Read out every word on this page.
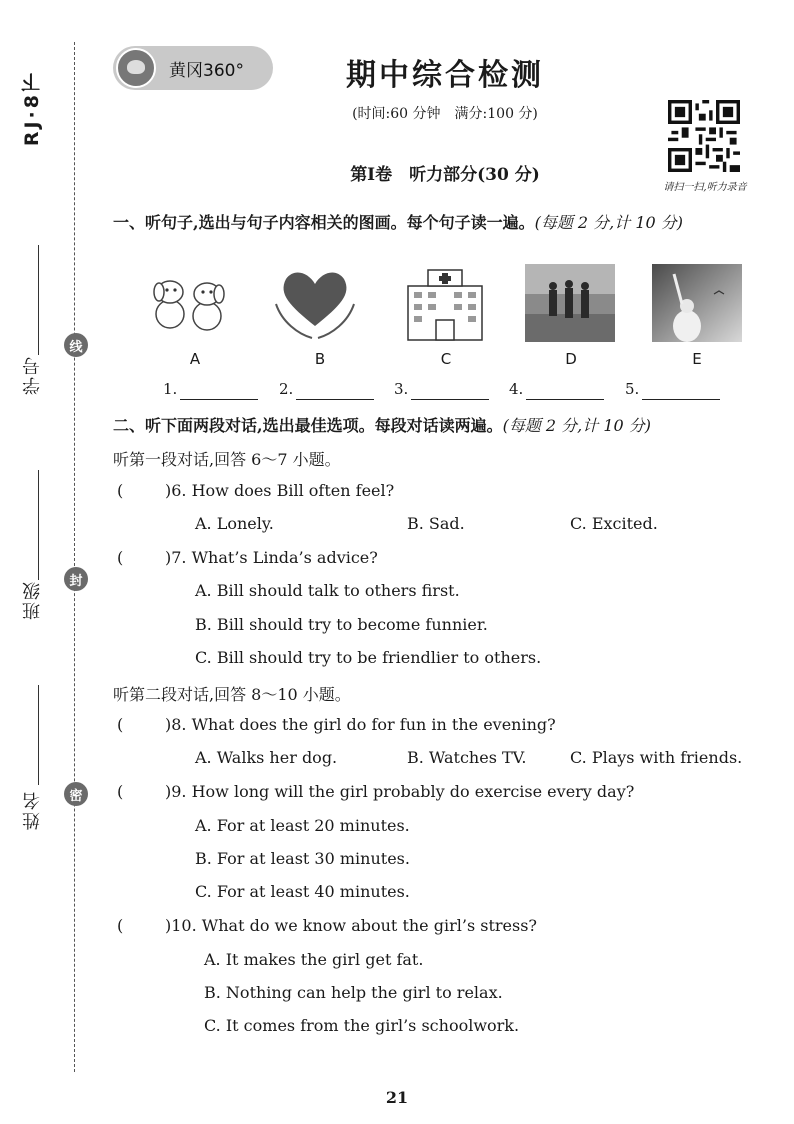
RJ·8下
学号
线
班级	封
姓名	密
黄冈360°	期中综合检测
(时间:60 分钟　满分:100 分)
第Ⅰ卷　听力部分(30 分)
请扫一扫,听力录音
一、听句子,选出与句子内容相关的图画。每个句子读一遍。(每题 2 分,计 10 分)
A	B	C	D	E
1.	2.	3.	4.	5.
二、听下面两段对话,选出最佳选项。每段对话读两遍。(每题 2 分,计 10 分)
听第一段对话,回答 6～7 小题。
(	)6. How does Bill often feel?
A. Lonely.	B. Sad.	C. Excited.
(	)7. What’s Linda’s advice?
A. Bill should talk to others first.
B. Bill should try to become funnier.
C. Bill should try to be friendlier to others.
听第二段对话,回答 8～10 小题。
(	)8. What does the girl do for fun in the evening?
A. Walks her dog.	B. Watches TV.	C. Plays with friends.
(	)9. How long will the girl probably do exercise every day?
A. For at least 20 minutes.
B. For at least 30 minutes.
C. For at least 40 minutes.
(	)10. What do we know about the girl’s stress?
A. It makes the girl get fat.
B. Nothing can help the girl to relax.
C. It comes from the girl’s schoolwork.
21
